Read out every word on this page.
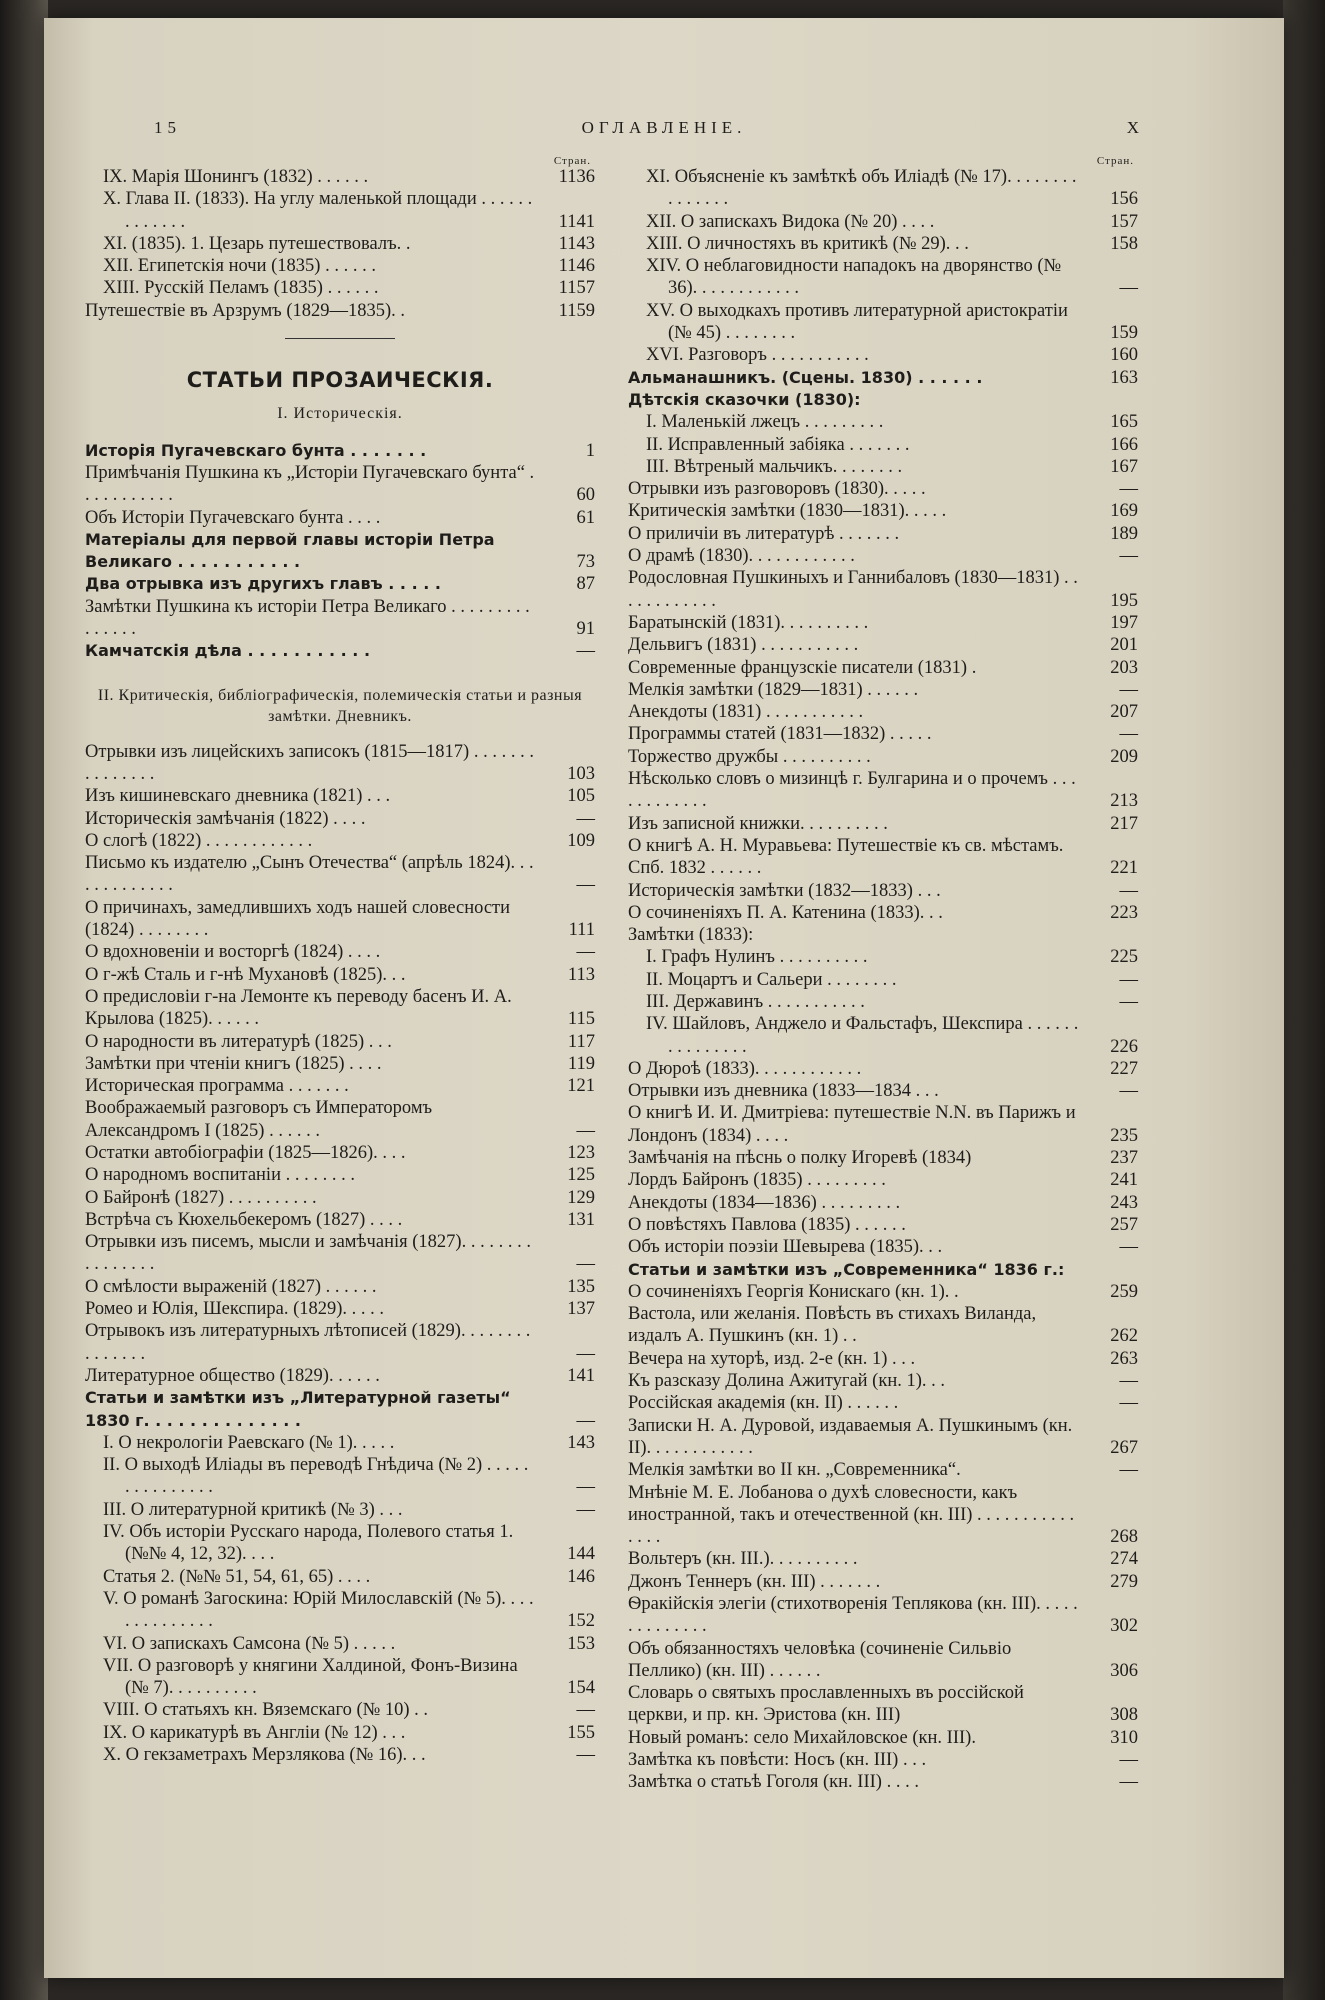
15	ОГЛАВЛЕНІЕ.	X
Стран.
IX. Марія Шонингъ (1832) . . . . . .	1136
X. Глава II. (1833). На углу маленькой площади . . . . . . . . . . . . .	1141
XI. (1835). 1. Цезарь путешествовалъ. .	1143
XII. Египетскія ночи (1835) . . . . . .	1146
XIII. Русскій Пеламъ (1835) . . . . . .	1157
Путешествіе въ Арзрумъ (1829—1835). .	1159
СТАТЬИ ПРОЗАИЧЕСКІЯ.
I. Историческія.
Исторія Пугачевскаго бунта . . . . . . .	1
Примѣчанія Пушкина къ „Исторіи Пугачевскаго бунта“ . . . . . . . . . . .	60
Объ Исторіи Пугачевскаго бунта . . . .	61
Матеріалы для первой главы исторіи Петра Великаго . . . . . . . . . . .	73
Два отрывка изъ другихъ главъ . . . . .	87
Замѣтки Пушкина къ исторіи Петра Великаго . . . . . . . . . . . . . . .	91
Камчатскія дѣла . . . . . . . . . . .	—
II. Критическія, библіографическія, полемическія статьи и разныя замѣтки. Дневникъ.
Отрывки изъ лицейскихъ записокъ (1815—1817) . . . . . . . . . . . . . . .	103
Изъ кишиневскаго дневника (1821) . . .	105
Историческія замѣчанія (1822) . . . .	—
О слогѣ (1822) . . . . . . . . . . . .	109
Письмо къ издателю „Сынъ Отечества“ (апрѣль 1824). . . . . . . . . . . . .	—
О причинахъ, замедлившихъ ходъ нашей словесности (1824) . . . . . . . .	111
О вдохновеніи и восторгѣ (1824) . . . .	—
О г-жѣ Сталь и г-нѣ Мухановѣ (1825). . .	113
О предисловіи г-на Лемонте къ переводу басенъ И. А. Крылова (1825). . . . . .	115
О народности въ литературѣ (1825) . . .	117
Замѣтки при чтеніи книгъ (1825) . . . .	119
Историческая программа . . . . . . .	121
Воображаемый разговоръ съ Императоромъ Александромъ I (1825) . . . . . .	—
Остатки автобіографіи (1825—1826). . . .	123
О народномъ воспитаніи . . . . . . . .	125
О Байронѣ (1827) . . . . . . . . . .	129
Встрѣча съ Кюхельбекеромъ (1827) . . . .	131
Отрывки изъ писемъ, мысли и замѣчанія (1827). . . . . . . . . . . . . . . .	—
О смѣлости выраженій (1827) . . . . . .	135
Ромео и Юлія, Шекспира. (1829). . . . .	137
Отрывокъ изъ литературныхъ лѣтописей (1829). . . . . . . . . . . . . . .	—
Литературное общество (1829). . . . . .	141
Статьи и замѣтки изъ „Литературной газеты“ 1830 г. . . . . . . . . . . . . .	—
I. О некрологіи Раевскаго (№ 1). . . . .	143
II. О выходѣ Иліады въ переводѣ Гнѣдича (№ 2) . . . . . . . . . . . . . . .	—
III. О литературной критикѣ (№ 3) . . .	—
IV. Объ исторіи Русскаго народа, Полевого статья 1. (№№ 4, 12, 32). . . .	144
Статья 2. (№№ 51, 54, 61, 65) . . . .	146
V. О романѣ Загоскина: Юрій Милославскій (№ 5). . . . . . . . . . . . . .	152
VI. О запискахъ Самсона (№ 5) . . . . .	153
VII. О разговорѣ у княгини Халдиной, Фонъ-Визина (№ 7). . . . . . . . . .	154
VIII. О статьяхъ кн. Вяземскаго (№ 10) . .	—
IX. О карикатурѣ въ Англіи (№ 12) . . .	155
X. О гекзаметрахъ Мерзлякова (№ 16). . .	—
Стран.
XI. Объясненіе къ замѣткѣ объ Иліадѣ (№ 17). . . . . . . . . . . . . . .	156
XII. О запискахъ Видока (№ 20) . . . .	157
XIII. О личностяхъ въ критикѣ (№ 29). . .	158
XIV. О неблаговидности нападокъ на дворянство (№ 36). . . . . . . . . . . .	—
XV. О выходкахъ противъ литературной аристократіи (№ 45) . . . . . . . .	159
XVI. Разговоръ . . . . . . . . . . .	160
Альманашникъ. (Сцены. 1830) . . . . . .	163
Дѣтскія сказочки (1830):
I. Маленькій лжецъ . . . . . . . . .	165
II. Исправленный забіяка . . . . . . .	166
III. Вѣтреный мальчикъ. . . . . . . .	167
Отрывки изъ разговоровъ (1830). . . . .	—
Критическія замѣтки (1830—1831). . . . .	169
О приличіи въ литературѣ . . . . . . .	189
О драмѣ (1830). . . . . . . . . . . .	—
Родословная Пушкиныхъ и Ганнибаловъ (1830—1831) . . . . . . . . . . . .	195
Баратынскій (1831). . . . . . . . . .	197
Дельвигъ (1831) . . . . . . . . . . .	201
Современные французскіе писатели (1831) .	203
Мелкія замѣтки (1829—1831) . . . . . .	—
Анекдоты (1831) . . . . . . . . . . .	207
Программы статей (1831—1832) . . . . .	—
Торжество дружбы . . . . . . . . . .	209
Нѣсколько словъ о мизинцѣ г. Булгарина и о прочемъ . . . . . . . . . . . .	213
Изъ записной книжки. . . . . . . . . .	217
О книгѣ А. Н. Муравьева: Путешествіе къ св. мѣстамъ. Спб. 1832 . . . . . .	221
Историческія замѣтки (1832—1833) . . .	—
О сочиненіяхъ П. А. Катенина (1833). . .	223
Замѣтки (1833):
I. Графъ Нулинъ . . . . . . . . . .	225
II. Моцартъ и Сальери . . . . . . . .	—
III. Державинъ . . . . . . . . . . .	—
IV. Шайловъ, Анджело и Фальстафъ, Шекспира . . . . . . . . . . . . . . .	226
О Дюроѣ (1833). . . . . . . . . . . .	227
Отрывки изъ дневника (1833—1834 . . .	—
О книгѣ И. И. Дмитріева: путешествіе N.N. въ Парижъ и Лондонъ (1834) . . . .	235
Замѣчанія на пѣснь о полку Игоревѣ (1834)	237
Лордъ Байронъ (1835) . . . . . . . . .	241
Анекдоты (1834—1836) . . . . . . . . .	243
О повѣстяхъ Павлова (1835) . . . . . .	257
Объ исторіи поэзіи Шевырева (1835). . .	—
Статьи и замѣтки изъ „Современника“ 1836 г.:
О сочиненіяхъ Георгія Конискаго (кн. 1). .	259
Вастола, или желанія. Повѣсть въ стихахъ Виланда, издалъ А. Пушкинъ (кн. 1) . .	262
Вечера на хуторѣ, изд. 2-е (кн. 1) . . .	263
Къ разсказу Долина Ажитугай (кн. 1). . .	—
Россійская академія (кн. II) . . . . . .	—
Записки Н. А. Дуровой, издаваемыя А. Пушкинымъ (кн. II). . . . . . . . . . . .	267
Мелкія замѣтки во II кн. „Современника“.	—
Мнѣніе М. Е. Лобанова о духѣ словесности, какъ иностранной, такъ и отечественной (кн. III) . . . . . . . . . . . . . . .	268
Вольтеръ (кн. III.). . . . . . . . . .	274
Джонъ Теннеръ (кн. III) . . . . . . .	279
Ѳракійскія элегіи (стихотворенія Теплякова (кн. III). . . . . . . . . . . . . .	302
Объ обязанностяхъ человѣка (сочиненіе Сильвіо Пеллико) (кн. III) . . . . . .	306
Словарь о святыхъ прославленныхъ въ россійской церкви, и пр. кн. Эристова (кн. III)	308
Новый романъ: село Михайловское (кн. III).	310
Замѣтка къ повѣсти: Носъ (кн. III) . . .	—
Замѣтка о статьѣ Гоголя (кн. III) . . . .	—
